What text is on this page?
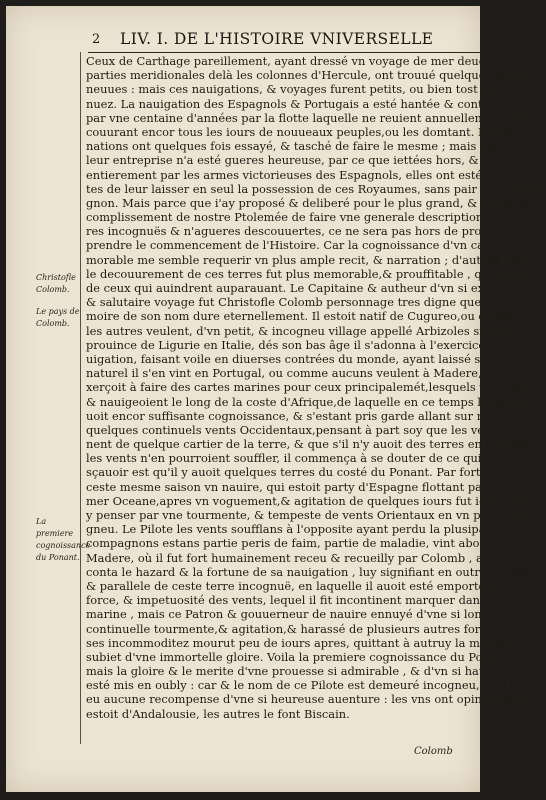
2 LIV. I. DE L'HISTOIRE VNIVERSELLE
Christofle Colomb.
Le pays de Colomb.
La premiere cognoissance du Ponant.
Ceux de Carthage pareillement, ayant dressé vn voyage de mer deuers les
parties meridionales delà les colonnes d'Hercule, ont trouué quelques terres
neuues : mais ces nauigations, & voyages furent petits, ou bien tost discõti-
nuez. La nauigation des Espagnols & Portugais a esté hantée & continuée ia
par vne centaine d'années par la flotte laquelle ne reuient annuellement, des-
couurant encor tous les iours de nouueaux peuples,ou les domtant. D'autres
nations ont quelques fois essayé, & tasché de faire le mesme ; mais l'issue de
leur entreprise n'a esté gueres heureuse, par ce que iettées hors, & destruites
entierement par les armes victorieuses des Espagnols, elles ont esté constrain-
tes de leur laisser en seul la possession de ces Royaumes, sans pair ny compai-
gnon. Mais parce que i'ay proposé & deliberé pour le plus grand, & entier ac-
complissement de nostre Ptolemée de faire vne generale description des ter-
res incognuës & n'agueres descouuertes, ce ne sera pas hors de propos de re-
prendre le commencement de l'Histoire. Car la cognoissance d'vn cas si me-
morable me semble requerir vn plus ample recit, & narration ; d'autant que
le decouurement de ces terres fut plus memorable,& prouffitable , qu'aucuns
de ceux qui auindrent auparauant. Le Capitaine & autheur d'vn si excellent
& salutaire voyage fut Christofle Colomb personnage tres digne que la me-
moire de son nom dure eternellement. Il estoit natif de Cugureo,ou comme
les autres veulent, d'vn petit, & incogneu village appellé Arbizoles situé en la
prouince de Ligurie en Italie, dés son bas âge il s'adonna à l'exercice de la na-
uigation, faisant voile en diuerses contrées du monde, ayant laissé son pays
naturel il s'en vint en Portugal, ou comme aucuns veulent à Madere, où il s'e-
xerçoit à faire des cartes marines pour ceux principalemét,lesquels voguoient
& nauigeoient le long de la coste d'Afrique,de laquelle en ce temps là,on n'a-
uoit encor suffisante cognoissance, & s'estant pris garde allant sur mer de
quelques continuels vents Occidentaux,pensant à part soy que les vents vien-
nent de quelque cartier de la terre, & que s'il n'y auoit des terres en Occident,
les vents n'en pourroient souffler, il commença à se douter de ce qui en estoit,
sçauoir est qu'il y auoit quelques terres du costé du Ponant. Par fortune en
ceste mesme saison vn nauire, qui estoit party d'Espagne flottant par la grande
mer Oceane,apres vn voguement,& agitation de quelques iours fut iecté fans
y penser par vne tourmente, & tempeste de vents Orientaux en vn pays inco-
gneu. Le Pilote les vents soufflans à l'opposite ayant perdu la plusipart de ses
compagnons estans partie peris de faim, partie de maladie, vint aborder à
Madere, où il fut fort humainement receu & recueilly par Colomb , auquel il
conta le hazard & la fortune de sa nauigation , luy signifiant en outre le degré
& parallele de ceste terre incognuë, en laquelle il auoit esté emporté par la
force, & impetuosité des vents, lequel il fit incontinent marquer dans sa carte
marine , mais ce Patron & gouuerneur de nauire ennuyé d'vne si longue, &
continuelle tourmente,& agitation,& harassé de plusieurs autres fort fascheu-
ses incommoditez mourut peu de iours apres, quittant à autruy la matiere, &
subiet d'vne immortelle gloire. Voila la premiere cognoissance du Ponant,
mais la gloire & le merite d'vne prouesse si admirable , & d'vn si haut faict a
esté mis en oubly : car & le nom de ce Pilote est demeuré incogneu, & si n'a-il
eu aucune recompense d'vne si heureuse auenture : les vns ont opinion qu'il
estoit d'Andalousie, les autres le font Biscain.
Colomb
